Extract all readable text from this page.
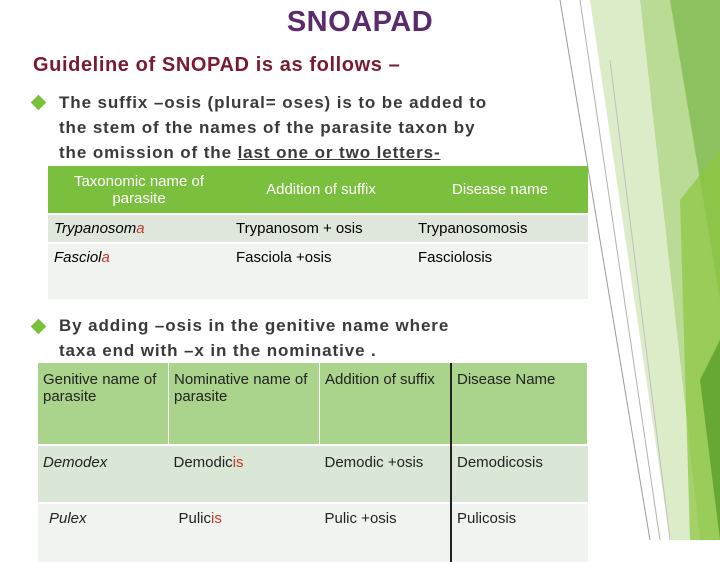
SNOAPAD
Guideline of SNOPAD is as follows –
The suffix –osis (plural= oses) is to be added to
the stem of the names of the parasite taxon by
the omission of the last one or two letters-
Taxonomic name of parasite	Addition of suffix	Disease name
Trypanosoma	Trypanosom + osis	Trypanosomosis
Fasciola	Fasciola +osis	Fasciolosis
By adding –osis in the genitive name where
taxa end with –x in the nominative .
Genitive name of parasite	Nominative name of parasite	Addition of suffix	Disease Name
Demodex	Demodicis	Demodic +osis	Demodicosis
Pulex	Pulicis	Pulic +osis	Pulicosis
